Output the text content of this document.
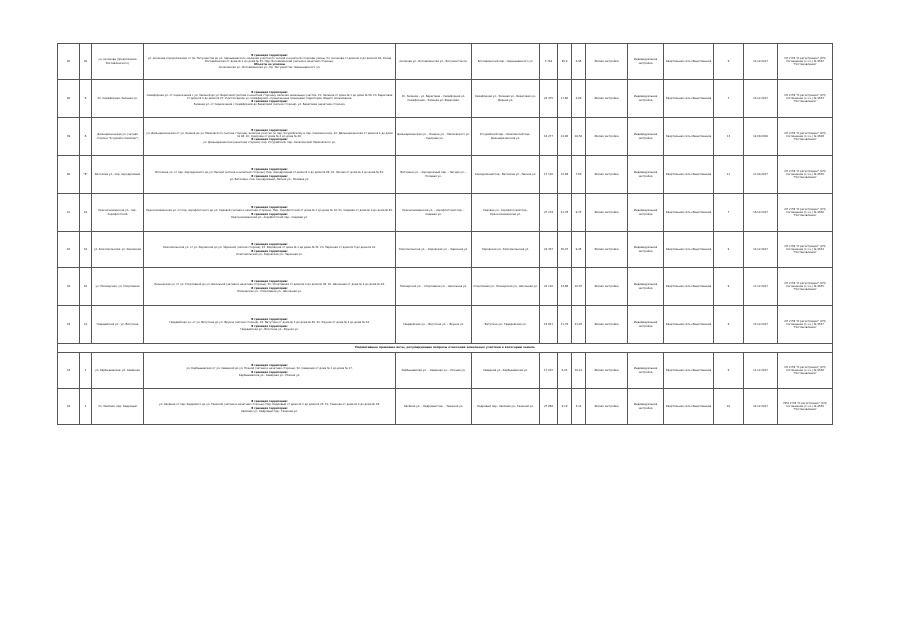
40	20	ул. Аксакова (продолжение Богоявленского)	В границах территории:
ул. Аксакова (продолжение) от пр. Энтузиастов до ул. Чернышевского, включая участки по четной и нечетной сторонам улицы. Ул. Аксакова от дома № 2 до дома № 44. Улица Богоявленская от дома № 1 до дома № 35. Пер. Богоявленский (четная и нечетная стороны).
Объекты не указаны
Аксаковская ул., Богоявленская ул., Пр. Энтузиастов, Чернышевского ул.	Аксакова ул., Богоявленская ул., Энтузиастов пр.	Богоявленский пер., Чернышевского ул.	3 744	95,0	4,95	Жилая застройка	Индивидуальная застройка	Квартальная сеть общественная	9	12.12.2017	СП 2 РФ "О регистрации" (СП) Соглашение (о з.ч.) № 4532 "Постановление"
40	Б	Ул. Семафорная, Зеленая ул.	В границах территории:
Семафорная ул. от пересечения с ул. Зеленой до ул. Береговой (четная и нечетная стороны), включая земельные участки. Ул. Зеленая от дома № 1 до дома № 50. Ул. Береговая от дома № 3 до дома № 27. Участки вдоль ул. Семафорной, ограниченные границами территории общего пользования.
В границах территории:
Зеленая ул. от пересечения с Семафорной до Береговой (четная сторона), ул. Береговая (нечетная сторона).	Ул. Зеленая – ул. Береговая – Семафорная ул. Семафорная – Зеленая ул. Береговая.	Семафорная ул., Зеленая ул., Береговая ул., Мирная ул.	24 375	17,60	4,00	Жилая застройка	Индивидуальная застройка	Квартальная сеть общественная	7	13.12.2017	СП 2 РФ "О регистрации" (СП) Соглашение (о з.ч.) № 4533 "Постановление"
39	Б	Дальнереченская ул. (четная сторона "Уссурийск-Сахалин")	В границах территории:
ул. Дальнереченская от ул. Ленина до ул. Маяковского (четная сторона), включая участки по пер. Уссурийскому и пер. Сахалинскому. Ул. Дальнереченская от дома № 1 до дома № 48. Ул. Суворова от дома № 2 до дома № 20.
В границах территории:
ул. Дальнереченская (нечетная сторона), пер. Уссурийский, пер. Сахалинский, Маяковского ул.	Дальнереченская ул. – Ленина ул. – Маяковского ул. – Суворова ул.	Уссурийский пер., Сахалинский пер., Дальнереченская ул.	16 277	14,00	16,50	Жилая застройка	Индивидуальная застройка	Квартальная сеть общественная	13	12.09.2016	СП 2 РФ "О регистрации" (СП) Соглашение (о з.ч.) № 4528 "Постановление"
40	"Б"	Ватолина ул., пер. Аэродромный	В границах территории:
Ватолина ул. от пер. Аэродромного до ул. Лесной (четная и нечетная стороны). Пер. Аэродромный от дома № 1 до дома № 26. Ул. Лесная от дома № 2 до дома № 34.
В границах территории:
ул. Ватолина, пер. Аэродромный, Лесная ул., Полевая ул.	Ватолина ул. – Аэродромный пер. – Лесная ул. – Полевая ул.	Аэродромный пер., Ватолина ул., Лесная ул.	17 110	12,48	7,60	Жилая застройка	Индивидуальная застройка	Квартальная сеть общественная	11	11.04.2017	СП 2 РФ "О регистрации" (СП) Соглашение (о з.ч.) № 4530 "Постановление"
41	44	Краснознаменская ул., пер. Аэрофлотский	В границах территории:
Краснознаменская ул. от пер. Аэрофлотского до ул. Садовой (четная и нечетная стороны). Пер. Аэрофлотский от дома № 1 до дома № 19. Ул. Садовая от дома № 4 до дома № 42.
В границах территории:
Краснознаменская ул., Аэрофлотский пер., Садовая ул.	Краснознаменская ул. – Аэрофлотский пер. – Садовая ул.	Садовая ул., Аэрофлотский пер., Краснознаменская ул.	27 134	21,78	9,70	Жилая застройка	Индивидуальная застройка	Квартальная сеть общественная	7	18.12.2017	СП 2 РФ "О регистрации" (СП) Соглашение (о з.ч.) № 4536 "Постановление"
42	43	ул. Комсомольская, ул. Кировская	В границах территории:
Комсомольская ул. от ул. Кировской до ул. Заречной (четная сторона). Ул. Кировская от дома № 1 до дома № 31. Ул. Заречная от дома № 5 до дома № 41.
В границах территории:
Комсомольская ул., Кировская ул., Заречная ул.	Комсомольская ул. – Кировская ул. – Заречная ул.	Кировская ул., Комсомольская ул.	24 327	30,07	9,45	Жилая застройка	Индивидуальная застройка	Квартальная сеть общественная	9	12.12.2017	СП 2 РФ "О регистрации" (СП) Соглашение (о з.ч.) № 4534 "Постановление"
42	42	ул. Пионерская, ул. Спортивная	В границах территории:
Пионерская ул. от ул. Спортивной до ул. Школьной (четная и нечетная стороны). Ул. Спортивная от дома № 2 до дома № 36. Ул. Школьная от дома № 1 до дома № 29.
В границах территории:
Пионерская ул., Спортивная ул., Школьная ул.	Пионерская ул. – Спортивная ул. – Школьная ул.	Спортивная ул., Пионерская ул., Школьная ул.	24 110	13,68	10,97	Жилая застройка	Индивидуальная застройка	Квартальная сеть общественная	9	11.12.2017	СП 2 РФ "О регистрации" (СП) Соглашение (о з.ч.) № 4535 "Постановление"
43	41	Гвардейская ул., ул. Ватутина	В границах территории:
Гвардейская ул. от ул. Ватутина до ул. Фрунзе (четная сторона). Ул. Ватутина от дома № 3 до дома № 45. Ул. Фрунзе от дома № 2 до дома № 24.
В границах территории:
Гвардейская ул., Ватутина ул., Фрунзе ул.	Гвардейская ул. – Ватутина ул. – Фрунзе ул.	Ватутина ул., Гвардейская ул.	19 811	11,79	21,20	Жилая застройка	Индивидуальная застройка	Квартальная сеть общественная	9	13.12.2017	СП 2 РФ "О регистрации" (СП) Соглашение (о з.ч.) № 4537 "Постановление"
Нормативные правовые акты, регулирующие вопросы отнесения земельных участков к категории земель														
43	1	ул. Карбышевская, ул. Северная	В границах территории:
ул. Карбышевская от ул. Северной до ул. Южной (четная и нечетная стороны). Ул. Северная от дома № 1 до дома № 17.
В границах территории:
Карбышевская ул., Северная ул., Южная ул.	Карбышевская ул. – Северная ул. – Южная ул.	Северная ул., Карбышевская ул.	17 207	6,23	10,21	Жилая застройка	Индивидуальная застройка	Квартальная сеть общественная	9	11.12.2017	СП 2 РФ "О регистрации" (СП) Соглашение (о з.ч.) № 4538 "Постановление"
44	1	Ул. Хвойная, пер. Кедровый	В границах территории:
ул. Хвойная от пер. Кедрового до ул. Таежной (четная и нечетная стороны). Пер. Кедровый от дома № 1 до дома № 23. Ул. Таежная от дома № 2 до дома № 18.
В границах территории:
Хвойная ул., Кедровый пер., Таежная ул.	Хвойная ул. – Кедровый пер. – Таежная ул.	Кедровый пер., Хвойная ул., Таежная ул.	27 082	9,10	3,14	Жилая застройка	Индивидуальная застройка	Квартальная сеть общественная	10	14.12.2017	НПА 2 РФ "О регистрации" (СП) Соглашение (о з.ч.) № 4539 "Постановление"
